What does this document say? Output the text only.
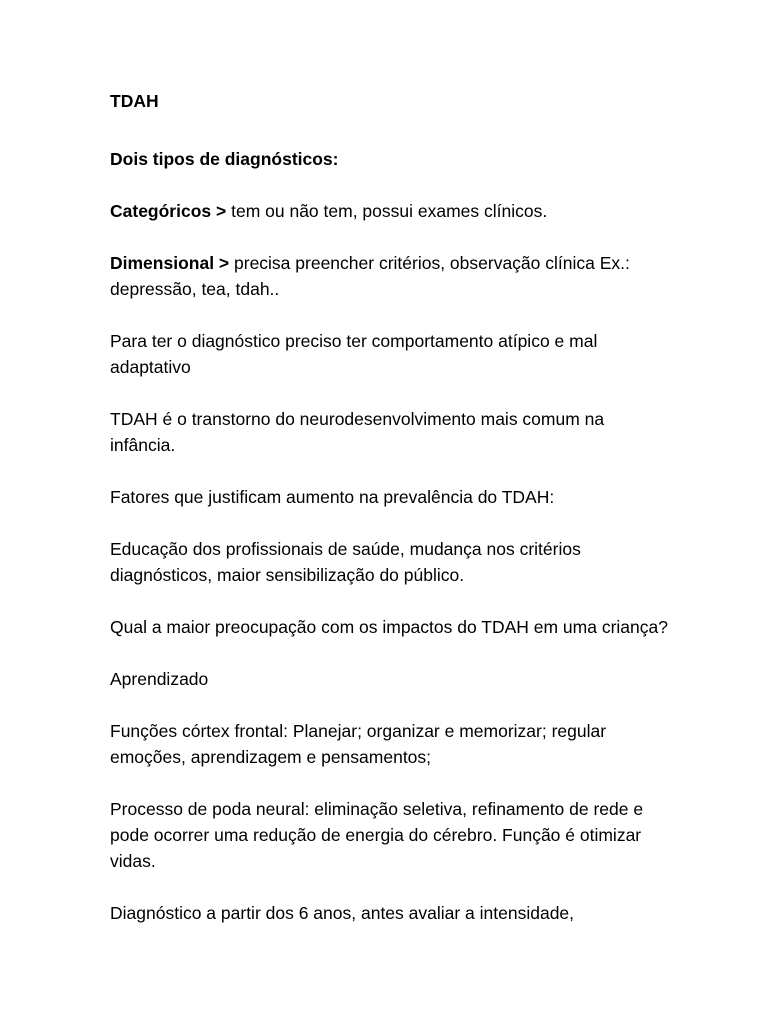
TDAH

Dois tipos de diagnósticos:

Categóricos > tem ou não tem, possui exames clínicos.

Dimensional > precisa preencher critérios, observação clínica Ex.: depressão, tea, tdah..

Para ter o diagnóstico preciso ter comportamento atípico e mal adaptativo

TDAH é o transtorno do neurodesenvolvimento mais comum na infância.

Fatores que justificam aumento na prevalência do TDAH:

Educação dos profissionais de saúde, mudança nos critérios diagnósticos, maior sensibilização do público.

Qual a maior preocupação com os impactos do TDAH em uma criança?

Aprendizado

Funções córtex frontal: Planejar; organizar e memorizar; regular emoções, aprendizagem e pensamentos;

Processo de poda neural: eliminação seletiva, refinamento de rede e pode ocorrer uma redução de energia do cérebro. Função é otimizar vidas.

Diagnóstico a partir dos 6 anos, antes avaliar a intensidade,
